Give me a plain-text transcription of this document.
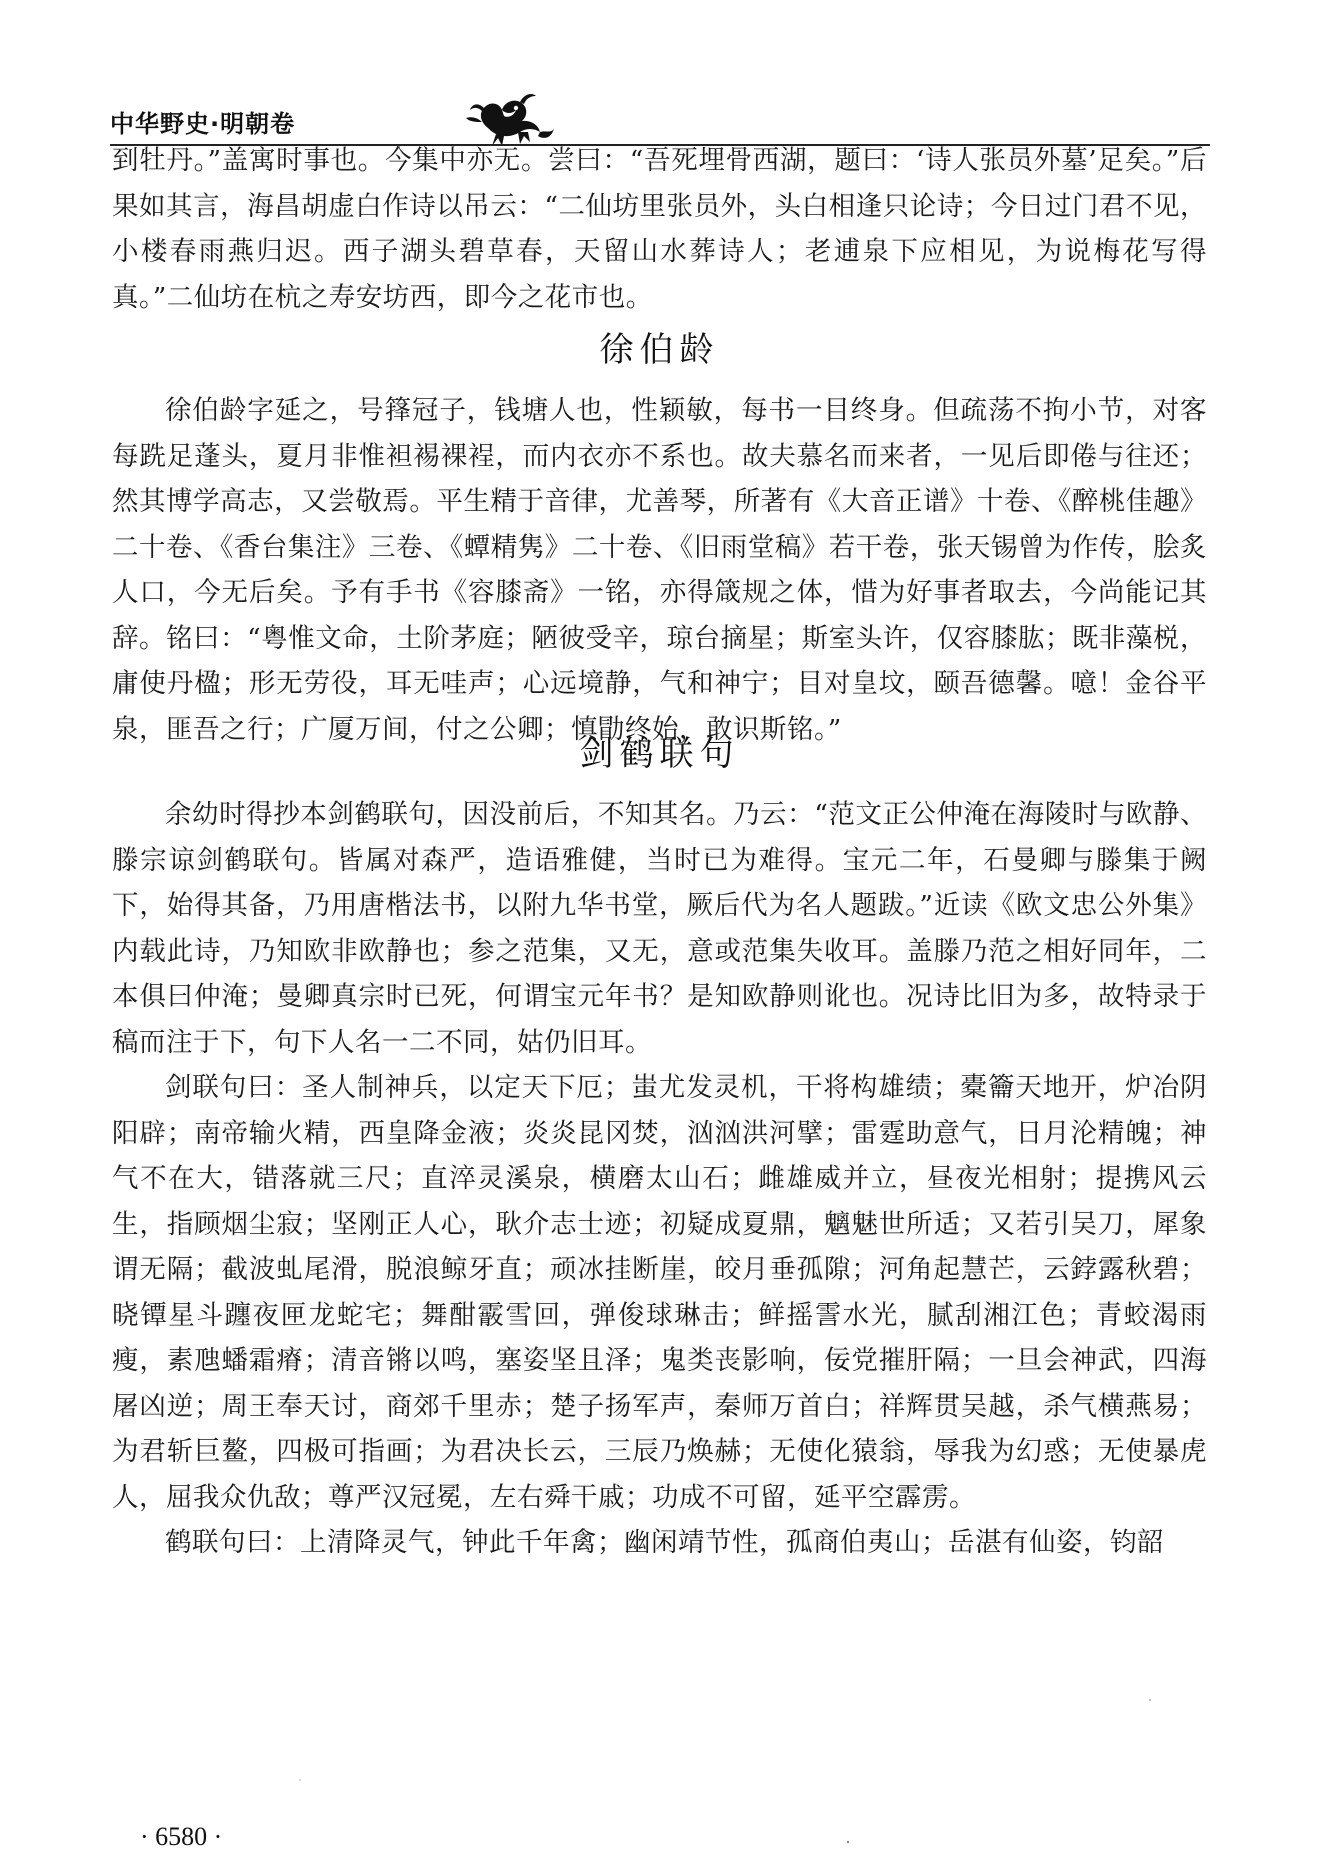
中华野史·明朝卷

到牡丹。”盖寓时事也。今集中亦无。尝曰：“吾死埋骨西湖，题曰：‘诗人张员外墓’足矣。”后果如其言，海昌胡虚白作诗以吊云：“二仙坊里张员外，头白相逢只论诗；今日过门君不见，小楼春雨燕归迟。西子湖头碧草春，天留山水葬诗人；老逋泉下应相见，为说梅花写得真。”二仙坊在杭之寿安坊西，即今之花市也。

徐伯龄

徐伯龄字延之，号箨冠子，钱塘人也，性颖敏，每书一目终身。但疏荡不拘小节，对客每跣足蓬头，夏月非惟袒裼裸裎，而内衣亦不系也。故夫慕名而来者，一见后即倦与往还；然其博学高志，又尝敬焉。平生精于音律，尤善琴，所著有《大音正谱》十卷、《醉桃佳趣》二十卷、《香台集注》三卷、《蟫精隽》二十卷、《旧雨堂稿》若干卷，张天锡曾为作传，脍炙人口，今无后矣。予有手书《容膝斋》一铭，亦得箴规之体，惜为好事者取去，今尚能记其辞。铭曰：“粤惟文命，土阶茅庭；陋彼受辛，琼台摘星；斯室头许，仅容膝肱；既非藻棁，庸使丹楹；形无劳役，耳无哇声；心远境静，气和神宁；目对皇坟，颐吾德馨。噫！金谷平泉，匪吾之行；广厦万间，付之公卿；慎勖终始，敢识斯铭。”

剑鹤联句

余幼时得抄本剑鹤联句，因没前后，不知其名。乃云：“范文正公仲淹在海陵时与欧静、滕宗谅剑鹤联句。皆属对森严，造语雅健，当时已为难得。宝元二年，石曼卿与滕集于阙下，始得其备，乃用唐楷法书，以附九华书堂，厥后代为名人题跋。”近读《欧文忠公外集》内载此诗，乃知欧非欧静也；参之范集，又无，意或范集失收耳。盖滕乃范之相好同年，二本俱曰仲淹；曼卿真宗时已死，何谓宝元年书？是知欧静则讹也。况诗比旧为多，故特录于稿而注于下，句下人名一二不同，姑仍旧耳。

剑联句曰：圣人制神兵，以定天下厄；蚩尤发灵机，干将构雄绩；橐籥天地开，炉冶阴阳辟；南帝输火精，西皇降金液；炎炎昆冈焚，汹汹洪河擘；雷霆助意气，日月沦精魄；神气不在大，错落就三尺；直淬灵溪泉，横磨太山石；雌雄威并立，昼夜光相射；提携风云生，指顾烟尘寂；坚刚正人心，耿介志士迹；初疑成夏鼎，魑魅世所适；又若引吴刀，犀象谓无隔；截波虬尾滑，脱浪鲸牙直；顽冰挂断崖，皎月垂孤隙；河角起慧芒，云鋍露秋碧；晓镡星斗躔夜匣龙蛇宅；舞酣霰雪回，弹俊球琳击；鲜摇霅水光，腻刮湘江色；青蛟渴雨瘦，素虺蟠霜瘠；清音锵以鸣，塞姿坚且泽；鬼类丧影响，佞党摧肝隔；一旦会神武，四海屠凶逆；周王奉天讨，商郊千里赤；楚子扬军声，秦师万首白；祥辉贯吴越，杀气横燕易；为君斩巨鳌，四极可指画；为君决长云，三辰乃焕赫；无使化猿翁，辱我为幻惑；无使暴虎人，屈我众仇敌；尊严汉冠冕，左右舜干戚；功成不可留，延平空霹雳。

鹤联句曰：上清降灵气，钟此千年禽；幽闲靖节性，孤商伯夷山；岳湛有仙姿，钧韶

· 6580 ·
